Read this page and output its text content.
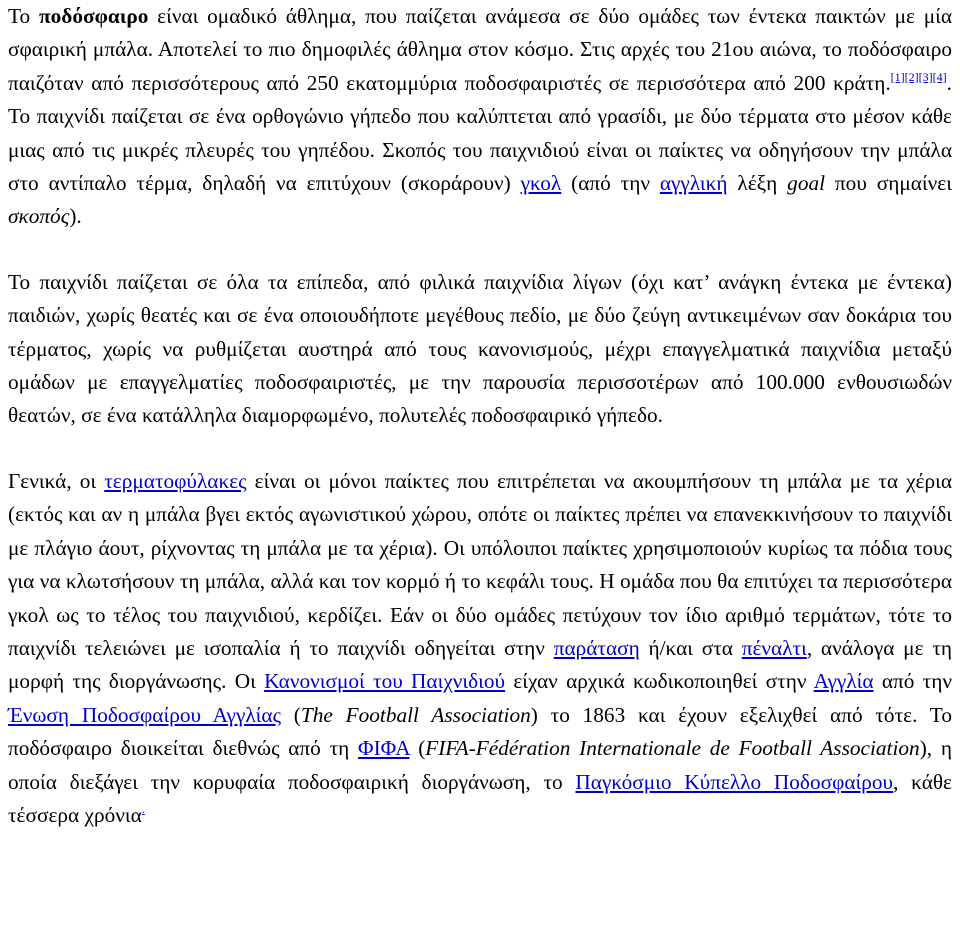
Το ποδόσφαιρο είναι ομαδικό άθλημα, που παίζεται ανάμεσα σε δύο ομάδες των έντεκα παικτών με μία σφαιρική μπάλα. Αποτελεί το πιο δημοφιλές άθλημα στον κόσμο. Στις αρχές του 21ου αιώνα, το ποδόσφαιρο παιζόταν από περισσότερους από 250 εκατομμύρια ποδοσφαιριστές σε περισσότερα από 200 κράτη.[1][2][3][4]. Το παιχνίδι παίζεται σε ένα ορθογώνιο γήπεδο που καλύπτεται από γρασίδι, με δύο τέρματα στο μέσον κάθε μιας από τις μικρές πλευρές του γηπέδου. Σκοπός του παιχνιδιού είναι οι παίκτες να οδηγήσουν την μπάλα στο αντίπαλο τέρμα, δηλαδή να επιτύχουν (σκοράρουν) γκολ (από την αγγλική λέξη goal που σημαίνει σκοπός).

Το παιχνίδι παίζεται σε όλα τα επίπεδα, από φιλικά παιχνίδια λίγων (όχι κατ’ ανάγκη έντεκα με έντεκα) παιδιών, χωρίς θεατές και σε ένα οποιουδήποτε μεγέθους πεδίο, με δύο ζεύγη αντικειμένων σαν δοκάρια του τέρματος, χωρίς να ρυθμίζεται αυστηρά από τους κανονισμούς, μέχρι επαγγελματικά παιχνίδια μεταξύ ομάδων με επαγγελματίες ποδοσφαιριστές, με την παρουσία περισσοτέρων από 100.000 ενθουσιωδών θεατών, σε ένα κατάλληλα διαμορφωμένο, πολυτελές ποδοσφαιρικό γήπεδο.

Γενικά, οι τερματοφύλακες είναι οι μόνοι παίκτες που επιτρέπεται να ακουμπήσουν τη μπάλα με τα χέρια (εκτός και αν η μπάλα βγει εκτός αγωνιστικού χώρου, οπότε οι παίκτες πρέπει να επανεκκινήσουν το παιχνίδι με πλάγιο άουτ, ρίχνοντας τη μπάλα με τα χέρια). Οι υπόλοιποι παίκτες χρησιμοποιούν κυρίως τα πόδια τους για να κλωτσήσουν τη μπάλα, αλλά και τον κορμό ή το κεφάλι τους. Η ομάδα που θα επιτύχει τα περισσότερα γκολ ως το τέλος του παιχνιδιού, κερδίζει. Εάν οι δύο ομάδες πετύχουν τον ίδιο αριθμό τερμάτων, τότε το παιχνίδι τελειώνει με ισοπαλία ή το παιχνίδι οδηγείται στην παράταση ή/και στα πέναλτι, ανάλογα με τη μορφή της διοργάνωσης. Οι Κανονισμοί του Παιχνιδιού είχαν αρχικά κωδικοποιηθεί στην Αγγλία από την Ένωση Ποδοσφαίρου Αγγλίας (The Football Association) το 1863 και έχουν εξελιχθεί από τότε. Το ποδόσφαιρο διοικείται διεθνώς από τη ΦΙΦΑ (FIFA-Fédération Internationale de Football Association), η οποία διεξάγει την κορυφαία ποδοσφαιρική διοργάνωση, το Παγκόσμιο Κύπελλο Ποδοσφαίρου, κάθε τέσσερα χρόνια.
